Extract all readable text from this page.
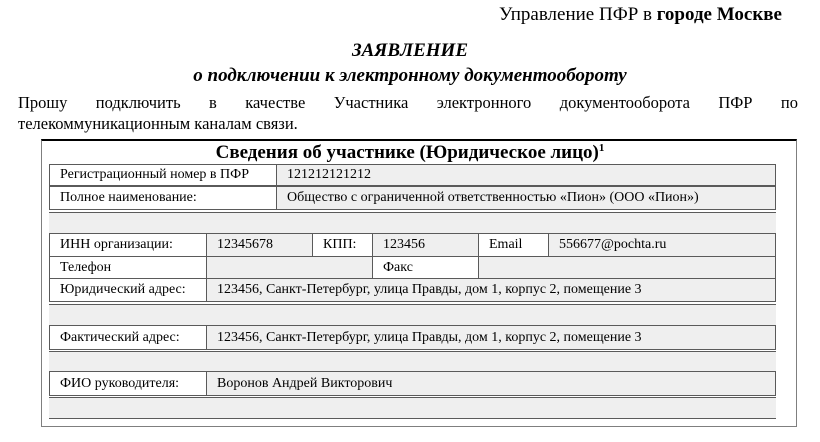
Управление ПФР в городе Москве
ЗАЯВЛЕНИЕ
о подключении к электронному документообороту
Прошу подключить в качестве Участника электронного документооборота ПФР по
телекоммуникационным каналам связи.
Сведения об участнике (Юридическое лицо)$^1$
Регистрационный номер в ПФР	121212121212
Полное наименование:	Общество с ограниченной ответственностью «Пион» (ООО «Пион»)
ИНН организации:	12345678	КПП:	123456	Email	556677@pochta.ru
Телефон	Факс
Юридический адрес:	123456, Санкт-Петербург, улица Правды, дом 1, корпус 2, помещение 3
Фактический адрес:	123456, Санкт-Петербург, улица Правды, дом 1, корпус 2, помещение 3
ФИО руководителя:	Воронов Андрей Викторович
